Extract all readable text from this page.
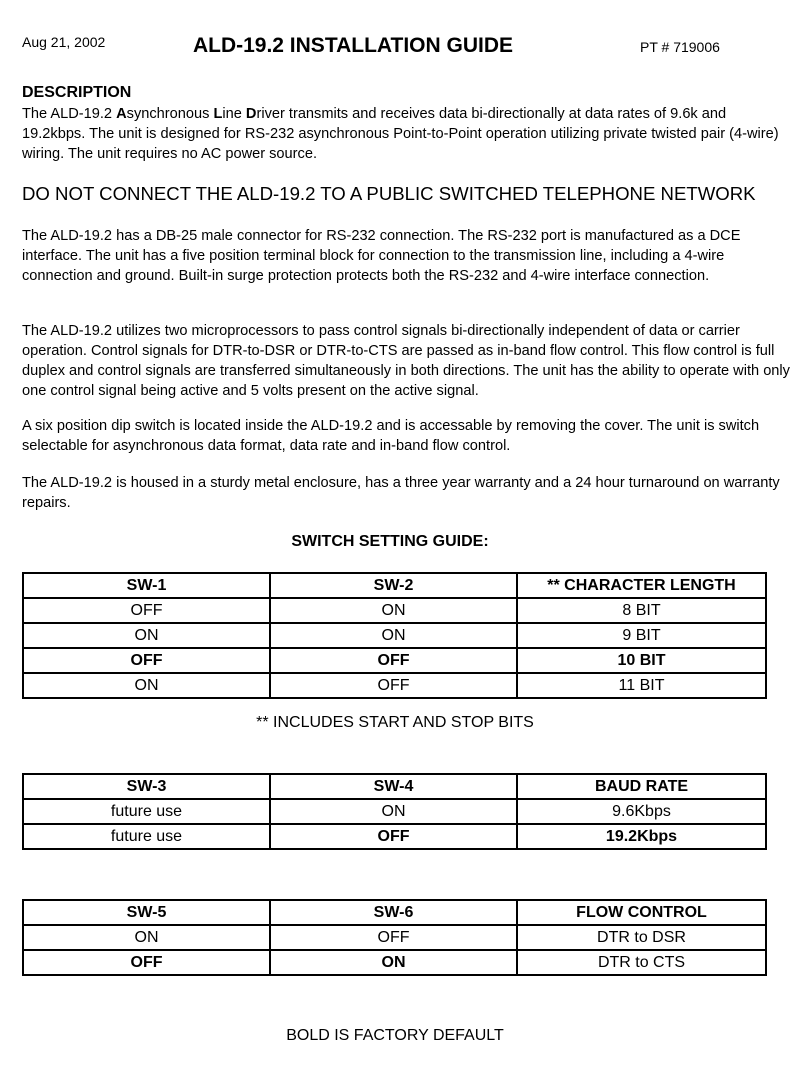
Aug 21, 2002	ALD-19.2 INSTALLATION GUIDE	PT # 719006
DESCRIPTION
The ALD-19.2 Asynchronous Line Driver transmits and receives data bi-directionally at data rates of 9.6k and 19.2kbps. The unit is designed for RS-232 asynchronous Point-to-Point operation utilizing private twisted pair (4-wire) wiring. The unit requires no AC power source.
DO NOT CONNECT THE ALD-19.2 TO A PUBLIC SWITCHED TELEPHONE NETWORK
The ALD-19.2 has a DB-25 male connector for RS-232 connection. The RS-232 port is manufactured as a DCE interface. The unit has a five position terminal block for connection to the transmission line, including a 4-wire connection and ground. Built-in surge protection protects both the RS-232 and 4-wire interface connection.
The ALD-19.2 utilizes two microprocessors to pass control signals bi-directionally independent of data or carrier operation. Control signals for DTR-to-DSR or DTR-to-CTS are passed as in-band flow control. This flow control is full duplex and control signals are transferred simultaneously in both directions. The unit has the ability to operate with only one control signal being active and 5 volts present on the active signal.
A six position dip switch is located inside the ALD-19.2 and is accessable by removing the cover. The unit is switch selectable for asynchronous data format, data rate and in-band flow control.
The ALD-19.2 is housed in a sturdy metal enclosure, has a three year warranty and a 24 hour turnaround on warranty repairs.
SWITCH SETTING GUIDE:
SW-1	SW-2	** CHARACTER LENGTH
OFF	ON	8 BIT
ON	ON	9 BIT
OFF	OFF	10 BIT
ON	OFF	11 BIT
** INCLUDES START AND STOP BITS
SW-3	SW-4	BAUD RATE
future use	ON	9.6Kbps
future use	OFF	19.2Kbps
SW-5	SW-6	FLOW CONTROL
ON	OFF	DTR to DSR
OFF	ON	DTR to CTS
BOLD IS FACTORY DEFAULT
